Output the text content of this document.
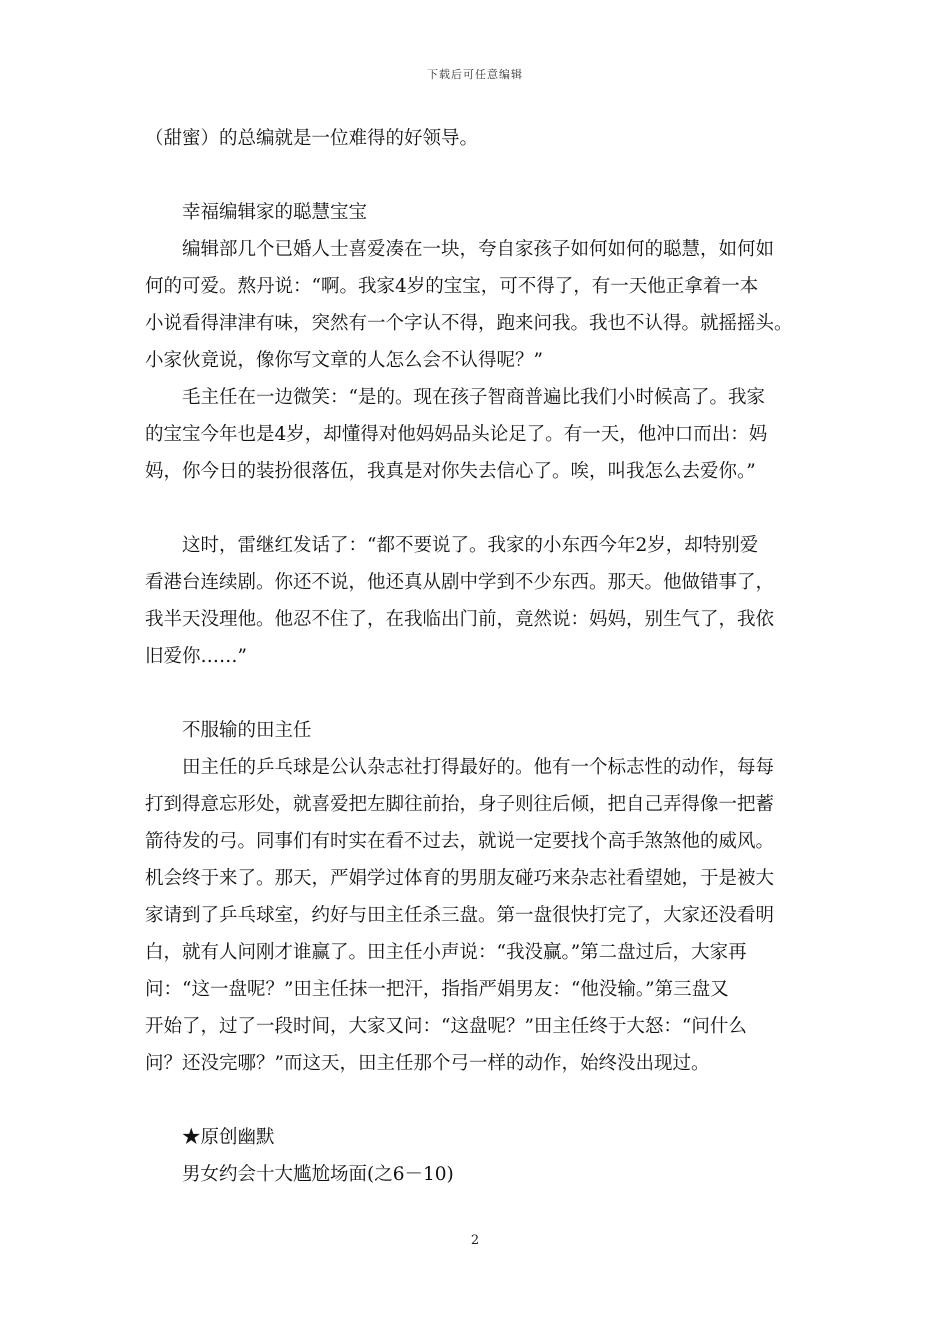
下载后可任意编辑
（甜蜜）的总编就是一位难得的好领导。
幸福编辑家的聪慧宝宝
编辑部几个已婚人士喜爱凑在一块，夸自家孩子如何如何的聪慧，如何如
何的可爱。熬丹说：“啊。我家4岁的宝宝，可不得了，有一天他正拿着一本
小说看得津津有味，突然有一个字认不得，跑来问我。我也不认得。就摇摇头。
小家伙竟说，像你写文章的人怎么会不认得呢？”
毛主任在一边微笑：“是的。现在孩子智商普遍比我们小时候高了。我家
的宝宝今年也是4岁，却懂得对他妈妈品头论足了。有一天，他冲口而出：妈
妈，你今日的装扮很落伍，我真是对你失去信心了。唉，叫我怎么去爱你。”
这时，雷继红发话了：“都不要说了。我家的小东西今年2岁，却特别爱
看港台连续剧。你还不说，他还真从剧中学到不少东西。那天。他做错事了，
我半天没理他。他忍不住了，在我临出门前，竟然说：妈妈，别生气了，我依
旧爱你……”
不服输的田主任
田主任的乒乓球是公认杂志社打得最好的。他有一个标志性的动作，每每
打到得意忘形处，就喜爱把左脚往前抬，身子则往后倾，把自己弄得像一把蓄
箭待发的弓。同事们有时实在看不过去，就说一定要找个高手煞煞他的威风。
机会终于来了。那天，严娟学过体育的男朋友碰巧来杂志社看望她，于是被大
家请到了乒乓球室，约好与田主任杀三盘。第一盘很快打完了，大家还没看明
白，就有人问刚才谁赢了。田主任小声说：“我没赢。”第二盘过后，大家再
问：“这一盘呢？”田主任抹一把汗，指指严娟男友：“他没输。”第三盘又
开始了，过了一段时间，大家又问：“这盘呢？”田主任终于大怒：“问什么
问？还没完哪？”而这天，田主任那个弓一样的动作，始终没出现过。
★原创幽默
男女约会十大尴尬场面(之6－10)
2
